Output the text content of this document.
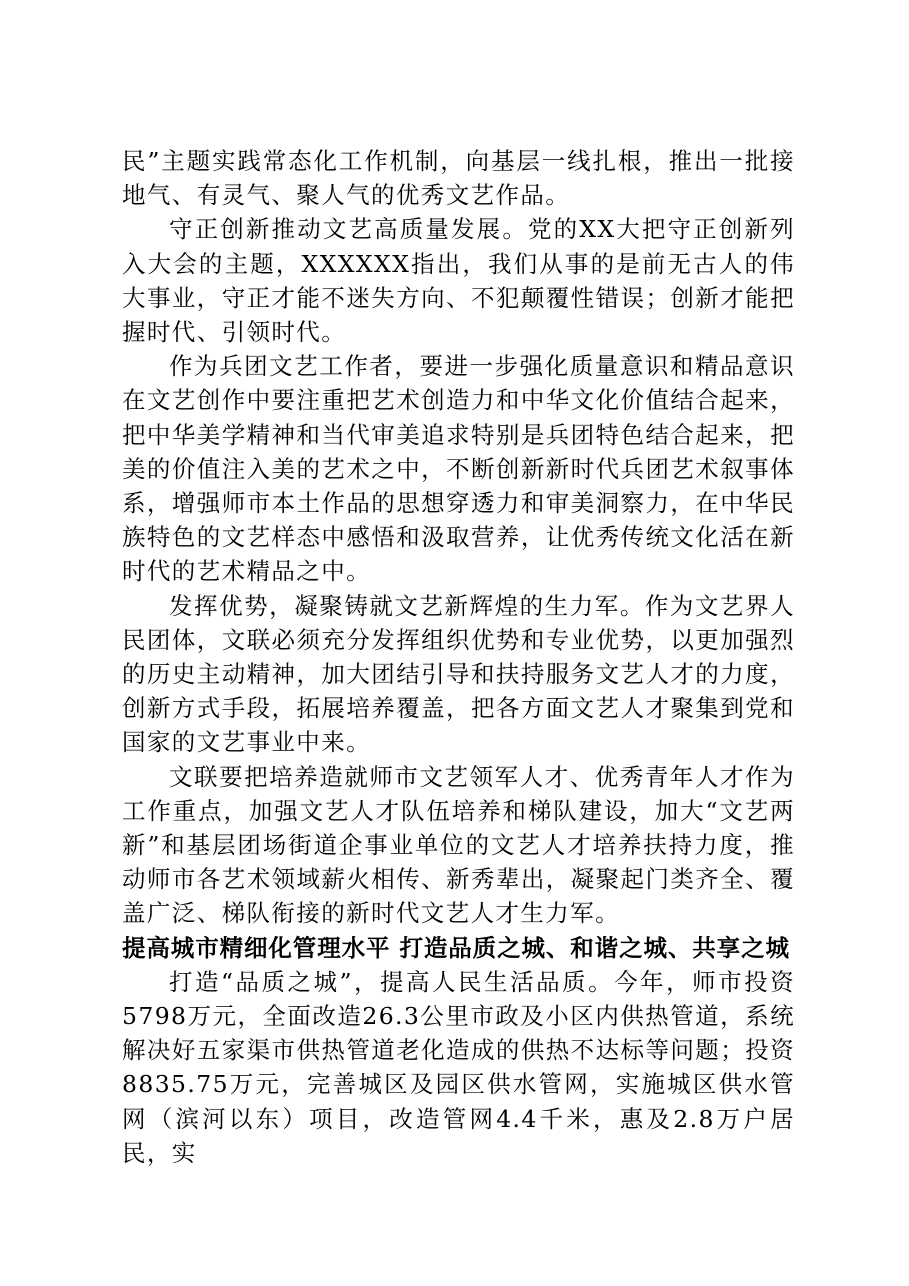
民”主题实践常态化工作机制，向基层一线扎根，推出一批接地气、有灵气、聚人气的优秀文艺作品。

守正创新推动文艺高质量发展。党的XX大把守正创新列入大会的主题，XXXXXX指出，我们从事的是前无古人的伟大事业，守正才能不迷失方向、不犯颠覆性错误；创新才能把握时代、引领时代。

作为兵团文艺工作者，要进一步强化质量意识和精品意识在文艺创作中要注重把艺术创造力和中华文化价值结合起来，把中华美学精神和当代审美追求特别是兵团特色结合起来，把美的价值注入美的艺术之中，不断创新新时代兵团艺术叙事体系，增强师市本土作品的思想穿透力和审美洞察力，在中华民族特色的文艺样态中感悟和汲取营养，让优秀传统文化活在新时代的艺术精品之中。

发挥优势，凝聚铸就文艺新辉煌的生力军。作为文艺界人民团体，文联必须充分发挥组织优势和专业优势，以更加强烈的历史主动精神，加大团结引导和扶持服务文艺人才的力度，创新方式手段，拓展培养覆盖，把各方面文艺人才聚集到党和国家的文艺事业中来。

文联要把培养造就师市文艺领军人才、优秀青年人才作为工作重点，加强文艺人才队伍培养和梯队建设，加大“文艺两新”和基层团场街道企事业单位的文艺人才培养扶持力度，推动师市各艺术领域薪火相传、新秀辈出，凝聚起门类齐全、覆盖广泛、梯队衔接的新时代文艺人才生力军。

提高城市精细化管理水平 打造品质之城、和谐之城、共享之城

打造“品质之城”，提高人民生活品质。今年，师市投资5798万元，全面改造26.3公里市政及小区内供热管道，系统解决好五家渠市供热管道老化造成的供热不达标等问题；投资8835.75万元，完善城区及园区供水管网，实施城区供水管网（滨河以东）项目，改造管网4.4千米，惠及2.8万户居民，实
